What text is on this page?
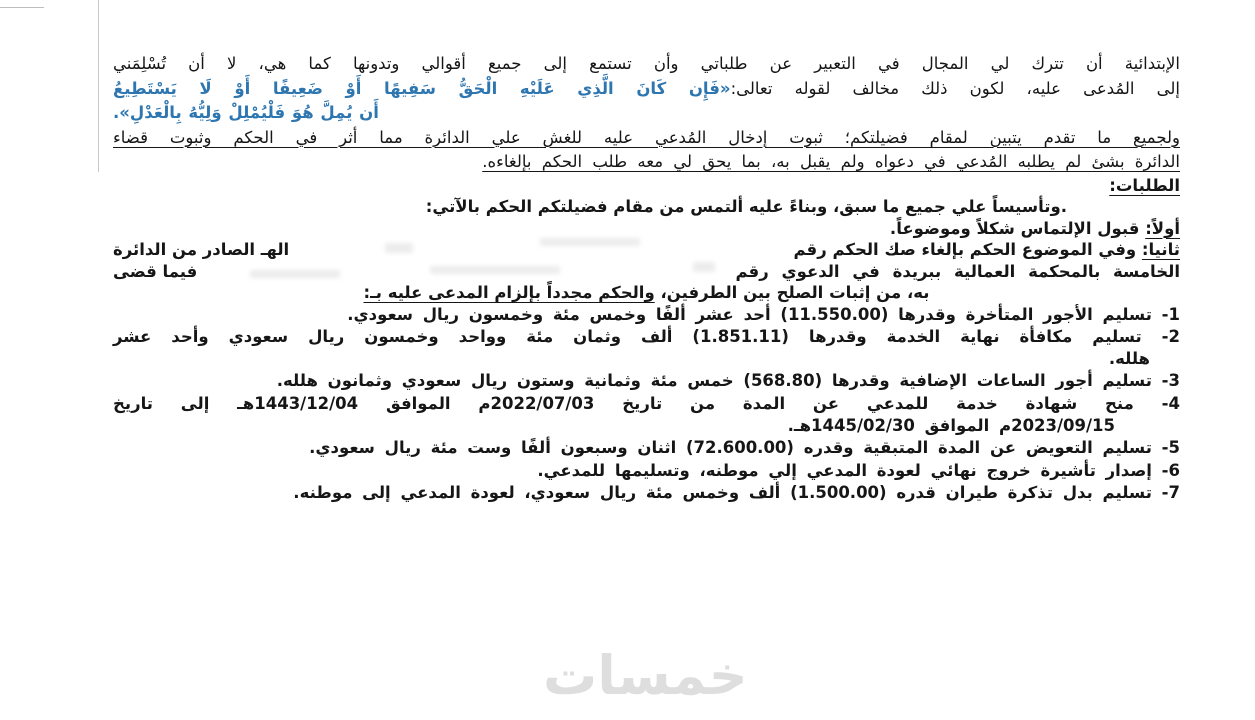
الإبتدائية أن تترك لي المجال في التعبير عن طلباتي وأن تستمع إلى جميع أقوالي وتدونها كما هي، لا أن تُسْلِمَني
إلى المُدعى عليه، لكون ذلك مخالف لقوله تعالى:«فَإِن كَانَ الَّذِي عَلَيْهِ الْحَقُّ سَفِيهًا أَوْ ضَعِيفًا أَوْ لَا يَسْتَطِيعُ
أَن يُمِلَّ هُوَ فَلْيُمْلِلْ وَلِيُّهُ بِالْعَدْلِ».
ولجميع ما تقدم يتبين لمقام فضيلتكم؛ ثبوت إدخال المُدعي عليه للغش علي الدائرة مما أثر في الحكم وثبوت قضاء
الدائرة بشئ لم يطلبه المُدعي في دعواه ولم يقبل به، بما يحق لي معه طلب الحكم بإلغاءه.
الطلبات:
.وتأسيساً علي جميع ما سبق، وبناءً عليه ألتمس من مقام فضيلتكم الحكم بالآتي:
أولاً: قبول الإلتماس شكلاً وموضوعاً.
ثانيا: وفي الموضوع الحكم بإلغاء صك الحكم رقم
الهـ الصادر من الدائرة
الخامسة بالمحكمة العمالية ببريدة في الدعوي رقم
فيما قضى
به، من إثبات الصلح بين الطرفين، والحكم مجدداً بإلزام المدعى عليه بـ:
1- تسليم الأجور المتأخرة وقدرها (11.550.00) أحد عشر ألفًا وخمس مئة وخمسون ريال سعودي.
2- تسليم مكافأة نهاية الخدمة وقدرها (1.851.11) ألف وثمان مئة وواحد وخمسون ريال سعودي وأحد عشر
هلله.
3- تسليم أجور الساعات الإضافية وقدرها (568.80) خمس مئة وثمانية وستون ريال سعودي وثمانون هلله.
4- منح شهادة خدمة للمدعي عن المدة من تاريخ 2022/07/03م الموافق 1443/12/04هـ إلى تاريخ
2023/09/15م الموافق 1445/02/30هـ.
5- تسليم التعويض عن المدة المتبقية وقدره (72.600.00) اثنان وسبعون ألفًا وست مئة ريال سعودي.
6- إصدار تأشيرة خروج نهائي لعودة المدعي إلي موطنه، وتسليمها للمدعي.
7- تسليم بدل تذكرة طيران قدره (1.500.00) ألف وخمس مئة ريال سعودي، لعودة المدعي إلى موطنه.
خمسات
